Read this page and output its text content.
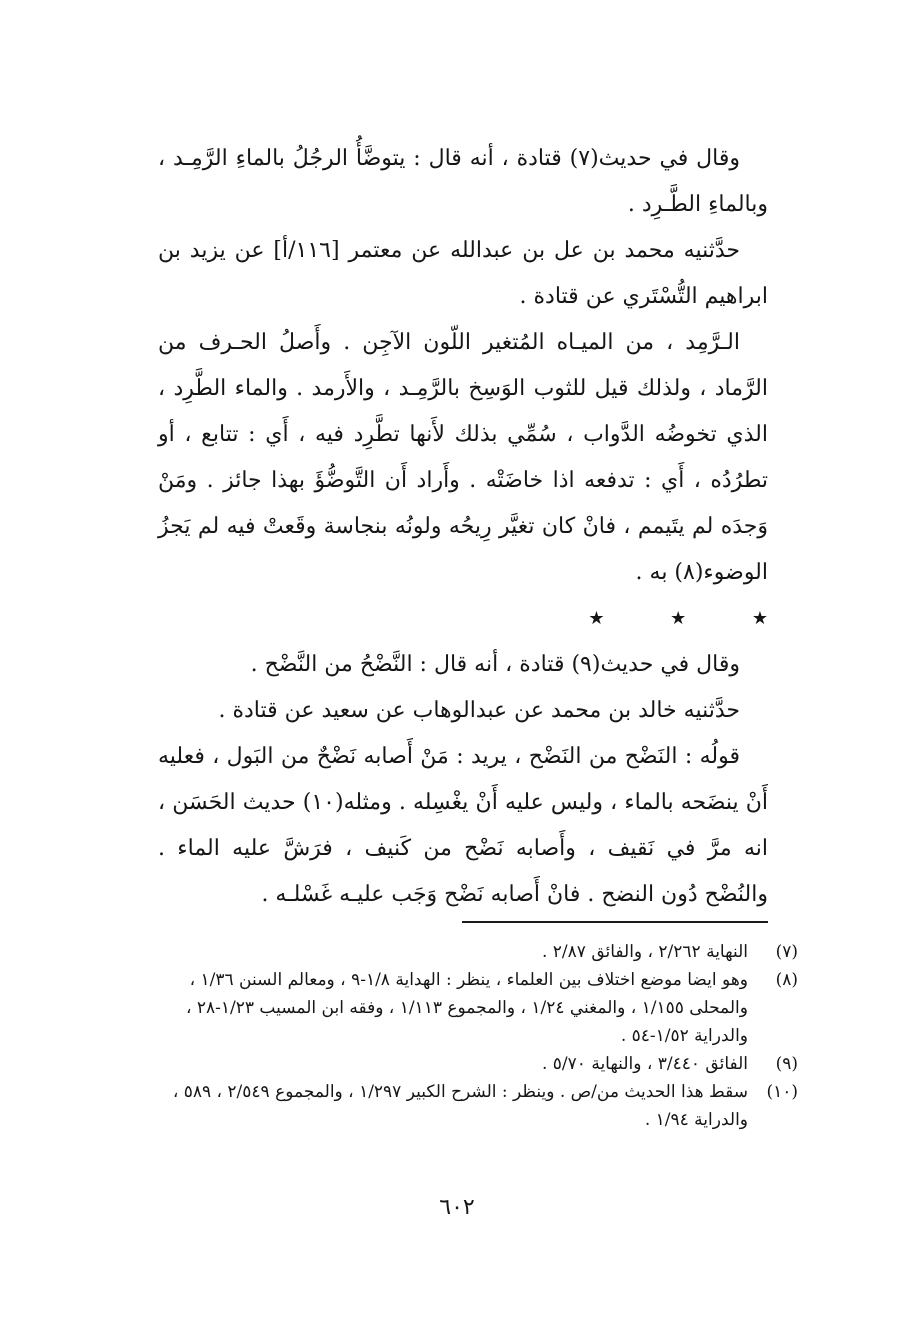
وقال في حديث(٧) قتادة ، أنه قال : يتوضَّأُ الرجُلُ بالماءِ الرَّمِـد ، وبالماءِ الطَّـرِد .

حدَّثنيه محمد بن عل بن عبدالله عن معتمر [١١٦/أ] عن يزيد بن ابراهيم التُّسْتَري عن قتادة .

الـرَّمِد ، من الميـاه المُتغير اللّون الآجِن . وأَصلُ الحـرف من الرَّماد ، ولذلك قيل للثوب الوَسِخ بالرَّمِـد ، والأَرمد . والماء الطَّرِد ، الذي تخوضُه الدَّواب ، سُمِّي بذلك لأَنها تطَّرِد فيه ، أَي : تتابع ، أو تطرُدُه ، أَي : تدفعه اذا خاضَتْه . وأَراد أَن التَّوضُّؤَ بهذا جائز . ومَنْ وَجدَه لم يتَيمم ، فانْ كان تغيَّر رِيحُه ولونُه بنجاسة وقَعتْ فيه لم يَجزُ الوضوء(٨) به .

★	★	★

وقال في حديث(٩) قتادة ، أنه قال : النَّضْحُ من النَّضْح .

حدَّثنيه خالد بن محمد عن عبدالوهاب عن سعيد عن قتادة .

قولُه : النَضْح من النَضْح ، يريد : مَنْ أَصابه نَضْحٌ من البَول ، فعليه أَنْ ينضَحه بالماء ، وليس عليه أَنْ يغْسِله . ومثله(١٠) حديث الحَسَن ، انه مرَّ في نَقيف ، وأَصابه نَضْح من كَنيف ، فرَشَّ عليه الماء . والنُضْح دُون النضح . فانْ أَصابه نَضْح وَجَب عليـه غَسْلـه .

(٧)
النهاية ٢/٢٦٢ ، والفائق ٢/٨٧ .
(٨)
وهو ايضا موضع اختلاف بين العلماء ، ينظر : الهداية ١/٨-٩ ، ومعالم السنن ١/٣٦ ، والمحلى ١/١٥٥ ، والمغني ١/٢٤ ، والمجموع ١/١١٣ ، وفقه ابن المسيب ١/٢٣-٢٨ ، والدراية ١/٥٢-٥٤ .
(٩)
الفائق ٣/٤٤٠ ، والنهاية ٥/٧٠ .
(١٠)
سقط هذا الحديث من/ص . وينظر : الشرح الكبير ١/٢٩٧ ، والمجموع ٢/٥٤٩ ، ٥٨٩ ، والدراية ١/٩٤ .
٦٠٢
